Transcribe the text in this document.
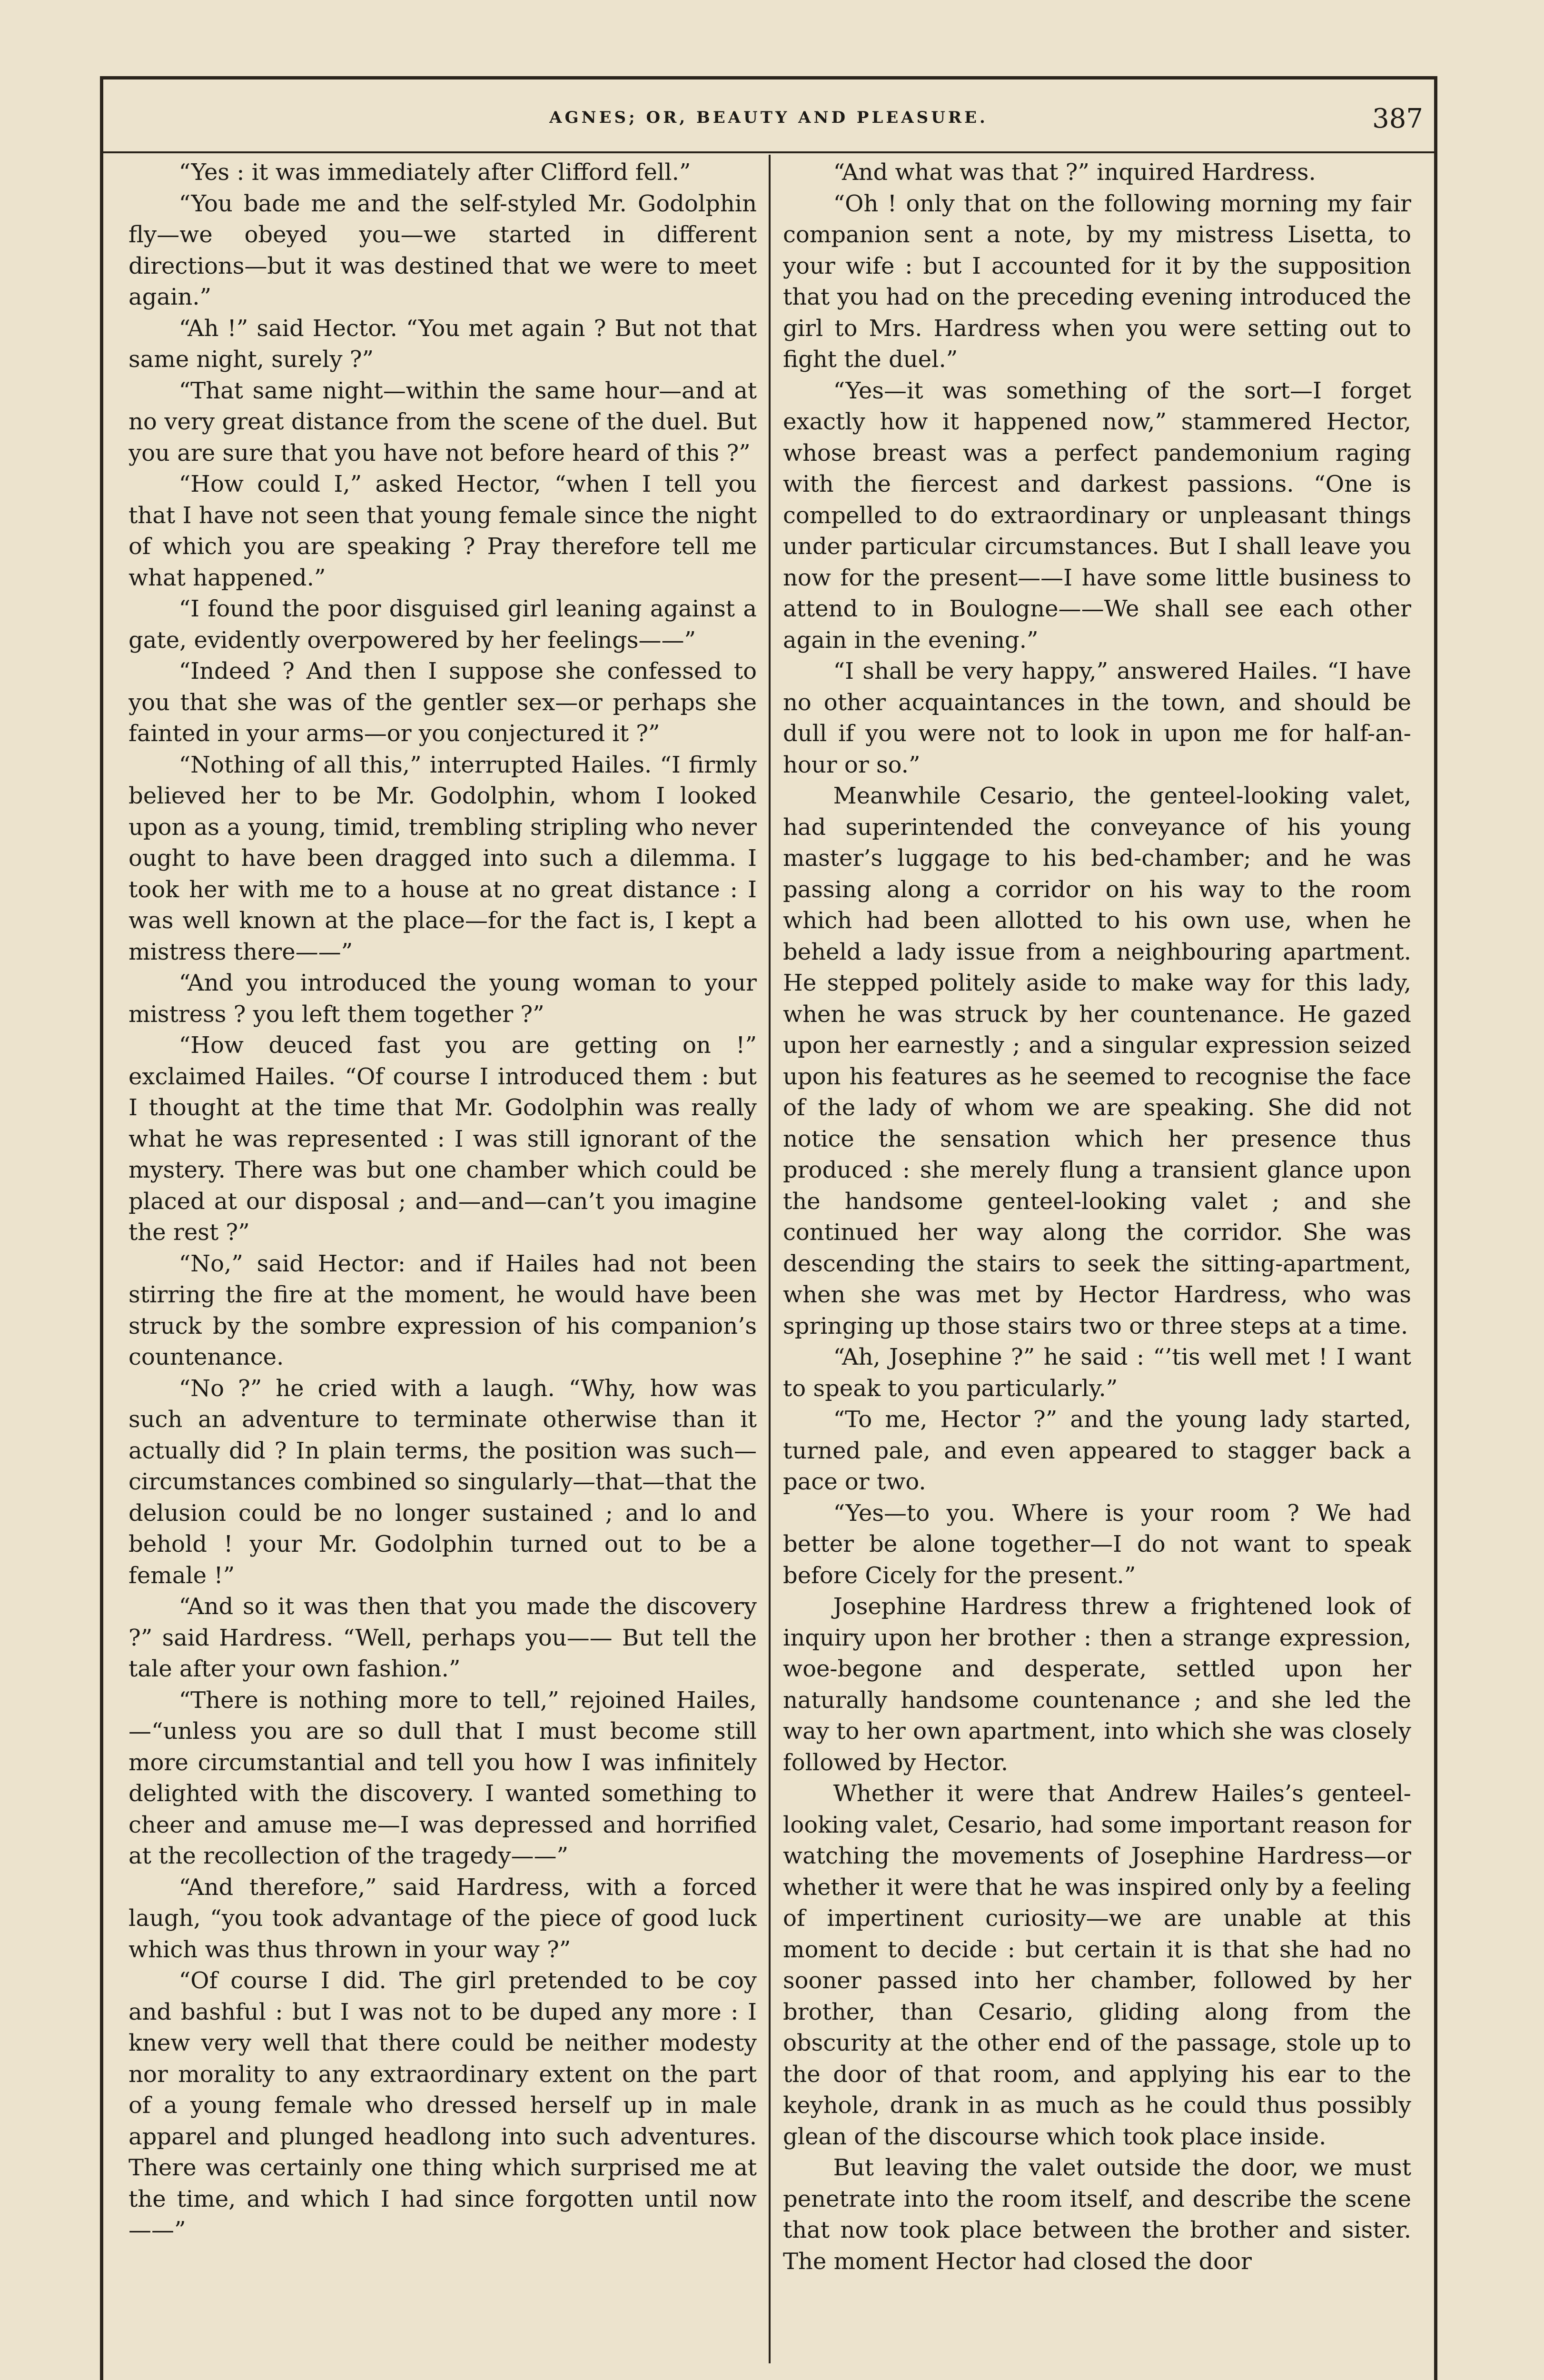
AGNES; OR, BEAUTY AND PLEASURE.	387

“Yes : it was immediately after Clifford fell.”

“You bade me and the self-styled Mr. Godolphin fly—we obeyed you—we started in different directions—but it was destined that we were to meet again.”

“Ah !” said Hector. “You met again ? But not that same night, surely ?”

“That same night—within the same hour—and at no very great distance from the scene of the duel. But you are sure that you have not before heard of this ?”

“How could I,” asked Hector, “when I tell you that I have not seen that young female since the night of which you are speaking ? Pray therefore tell me what happened.”

“I found the poor disguised girl leaning against a gate, evidently overpowered by her feelings——”

“Indeed ? And then I suppose she confessed to you that she was of the gentler sex—or perhaps she fainted in your arms—or you conjectured it ?”

“Nothing of all this,” interrupted Hailes. “I firmly believed her to be Mr. Godolphin, whom I looked upon as a young, timid, trembling stripling who never ought to have been dragged into such a dilemma. I took her with me to a house at no great distance : I was well known at the place—for the fact is, I kept a mistress there——”

“And you introduced the young woman to your mistress ? you left them together ?”

“How deuced fast you are getting on !” exclaimed Hailes. “Of course I introduced them : but I thought at the time that Mr. Godolphin was really what he was represented : I was still ignorant of the mystery. There was but one chamber which could be placed at our disposal ; and—and—can’t you imagine the rest ?”

“No,” said Hector: and if Hailes had not been stirring the fire at the moment, he would have been struck by the sombre expression of his companion’s countenance.

“No ?” he cried with a laugh. “Why, how was such an adventure to terminate otherwise than it actually did ? In plain terms, the position was such—circumstances combined so singularly—that—that the delusion could be no longer sustained ; and lo and behold ! your Mr. Godolphin turned out to be a female !”

“And so it was then that you made the discovery ?” said Hardress. “Well, perhaps you—— But tell the tale after your own fashion.”

“There is nothing more to tell,” rejoined Hailes,—“unless you are so dull that I must become still more circumstantial and tell you how I was infinitely delighted with the discovery. I wanted something to cheer and amuse me—I was depressed and horrified at the recollection of the tragedy——”

“And therefore,” said Hardress, with a forced laugh, “you took advantage of the piece of good luck which was thus thrown in your way ?”

“Of course I did. The girl pretended to be coy and bashful : but I was not to be duped any more : I knew very well that there could be neither modesty nor morality to any extraordinary extent on the part of a young female who dressed herself up in male apparel and plunged headlong into such adventures. There was certainly one thing which surprised me at the time, and which I had since forgotten until now——”

“And what was that ?” inquired Hardress.

“Oh ! only that on the following morning my fair companion sent a note, by my mistress Lisetta, to your wife : but I accounted for it by the supposition that you had on the preceding evening introduced the girl to Mrs. Hardress when you were setting out to fight the duel.”

“Yes—it was something of the sort—I forget exactly how it happened now,” stammered Hector, whose breast was a perfect pandemonium raging with the fiercest and darkest passions. “One is compelled to do extraordinary or unpleasant things under particular circumstances. But I shall leave you now for the present——I have some little business to attend to in Boulogne——We shall see each other again in the evening.”

“I shall be very happy,” answered Hailes. “I have no other acquaintances in the town, and should be dull if you were not to look in upon me for half-an-hour or so.”

Meanwhile Cesario, the genteel-looking valet, had superintended the conveyance of his young master’s luggage to his bed-chamber; and he was passing along a corridor on his way to the room which had been allotted to his own use, when he beheld a lady issue from a neighbouring apartment. He stepped politely aside to make way for this lady, when he was struck by her countenance. He gazed upon her earnestly ; and a singular expression seized upon his features as he seemed to recognise the face of the lady of whom we are speaking. She did not notice the sensation which her presence thus produced : she merely flung a transient glance upon the handsome genteel-looking valet ; and she continued her way along the corridor. She was descending the stairs to seek the sitting-apartment, when she was met by Hector Hardress, who was springing up those stairs two or three steps at a time.

“Ah, Josephine ?” he said : “’tis well met ! I want to speak to you particularly.”

“To me, Hector ?” and the young lady started, turned pale, and even appeared to stagger back a pace or two.

“Yes—to you. Where is your room ? We had better be alone together—I do not want to speak before Cicely for the present.”

Josephine Hardress threw a frightened look of inquiry upon her brother : then a strange expression, woe-begone and desperate, settled upon her naturally handsome countenance ; and she led the way to her own apartment, into which she was closely followed by Hector.

Whether it were that Andrew Hailes’s genteel-looking valet, Cesario, had some important reason for watching the movements of Josephine Hardress—or whether it were that he was inspired only by a feeling of impertinent curiosity—we are unable at this moment to decide : but certain it is that she had no sooner passed into her chamber, followed by her brother, than Cesario, gliding along from the obscurity at the other end of the passage, stole up to the door of that room, and applying his ear to the keyhole, drank in as much as he could thus possibly glean of the discourse which took place inside.

But leaving the valet outside the door, we must penetrate into the room itself, and describe the scene that now took place between the brother and sister. The moment Hector had closed the door
